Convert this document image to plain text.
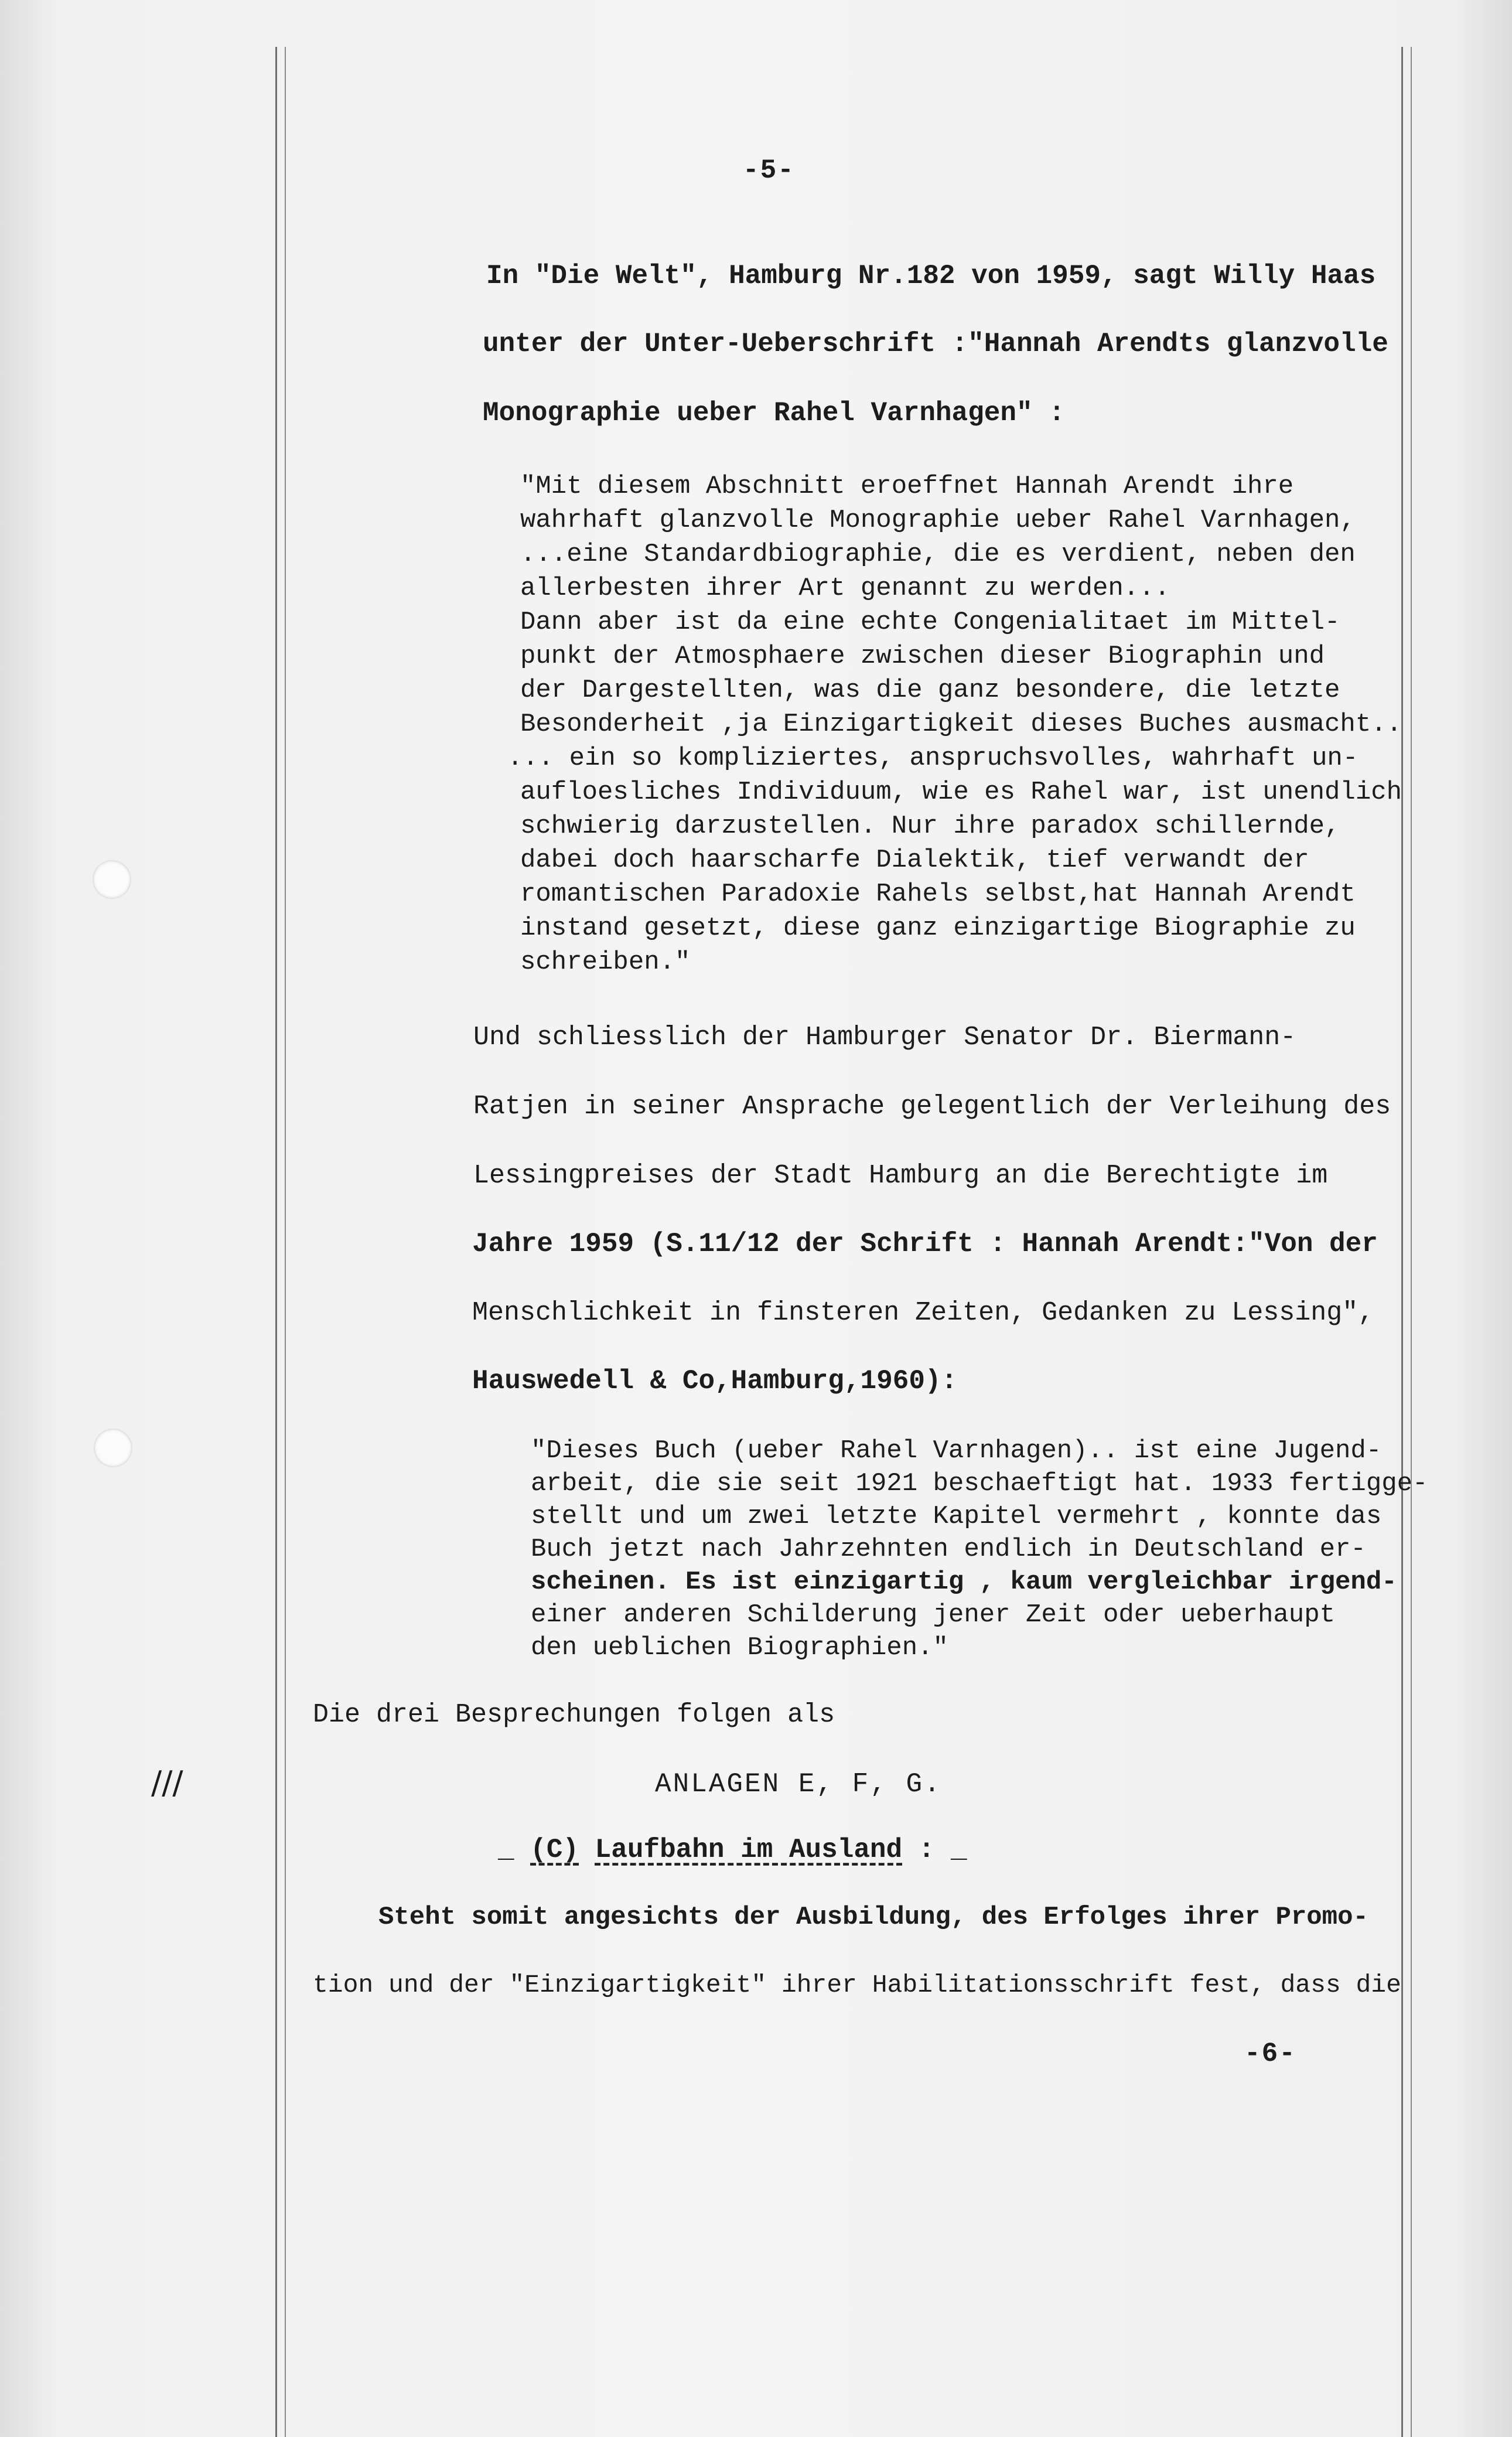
-5-
In "Die Welt", Hamburg Nr.182 von 1959, sagt Willy Haas
unter der Unter-Ueberschrift :"Hannah Arendts glanzvolle
Monographie ueber Rahel Varnhagen" :
"Mit diesem Abschnitt eroeffnet Hannah Arendt ihre
wahrhaft glanzvolle Monographie ueber Rahel Varnhagen,
...eine Standardbiographie, die es verdient, neben den
allerbesten ihrer Art genannt zu werden...
Dann aber ist da eine echte Congenialitaet im Mittel-
punkt der Atmosphaere zwischen dieser Biographin und
der Dargestellten, was die ganz besondere, die letzte
Besonderheit ,ja Einzigartigkeit dieses Buches ausmacht..
... ein so kompliziertes, anspruchsvolles, wahrhaft un-
aufloesliches Individuum, wie es Rahel war, ist unendlich
schwierig darzustellen. Nur ihre paradox schillernde,
dabei doch haarscharfe Dialektik, tief verwandt der
romantischen Paradoxie Rahels selbst,hat Hannah Arendt
instand gesetzt, diese ganz einzigartige Biographie zu
schreiben."
Und schliesslich der Hamburger Senator Dr. Biermann-
Ratjen in seiner Ansprache gelegentlich der Verleihung des
Lessingpreises der Stadt Hamburg an die Berechtigte im
Jahre 1959 (S.11/12 der Schrift : Hannah Arendt:"Von der
Menschlichkeit in finsteren Zeiten, Gedanken zu Lessing",
Hauswedell & Co,Hamburg,1960):
"Dieses Buch (ueber Rahel Varnhagen).. ist eine Jugend-
arbeit, die sie seit 1921 beschaeftigt hat. 1933 fertigge-
stellt und um zwei letzte Kapitel vermehrt , konnte das
Buch jetzt nach Jahrzehnten endlich in Deutschland er-
scheinen. Es ist einzigartig , kaum vergleichbar irgend-
einer anderen Schilderung jener Zeit oder ueberhaupt
den ueblichen Biographien."
Die drei Besprechungen folgen als
///	ANLAGEN E, F, G.
_ (C) Laufbahn im Ausland : _
Steht somit angesichts der Ausbildung, des Erfolges ihrer Promo-
tion und der "Einzigartigkeit" ihrer Habilitationsschrift fest, dass die
-6-
